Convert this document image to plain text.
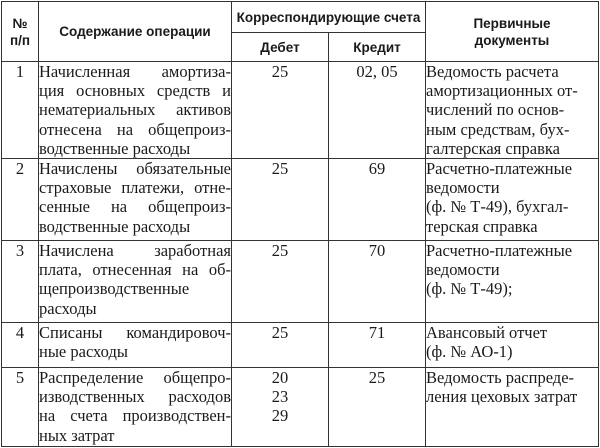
№
п/п	Содержание операции	Корреспондирующие счета		Первичные
документы

		Дебет	Кредит	
1	Начисленная амортиза-
ция основных средств и
нематериальных активов
отнесена на общепроиз-
водственные расходы	25	02, 05	Ведомость расчета
амортизационных от-
числений по основ-
ным средствам, бух-
галтерская справка

2	Начислены обязательные
страховые платежи, отне-
сенные на общепроиз-
водственные расходы	25	69	Расчетно-платежные
ведомости
(ф. № Т-49), бухгал-
терская справка

3	Начислена заработная
плата, отнесенная на об-
щепроизводственные
расходы	25	70	Расчетно-платежные
ведомости
(ф. № Т-49);

4	Списаны командировоч-
ные расходы	25	71	Авансовый отчет
(ф. № АО-1)

5	Распределение общепро-
изводственных расходов
на счета производствен-
ных затрат	20
23
29	25	Ведомость распреде-
ления цеховых затрат
